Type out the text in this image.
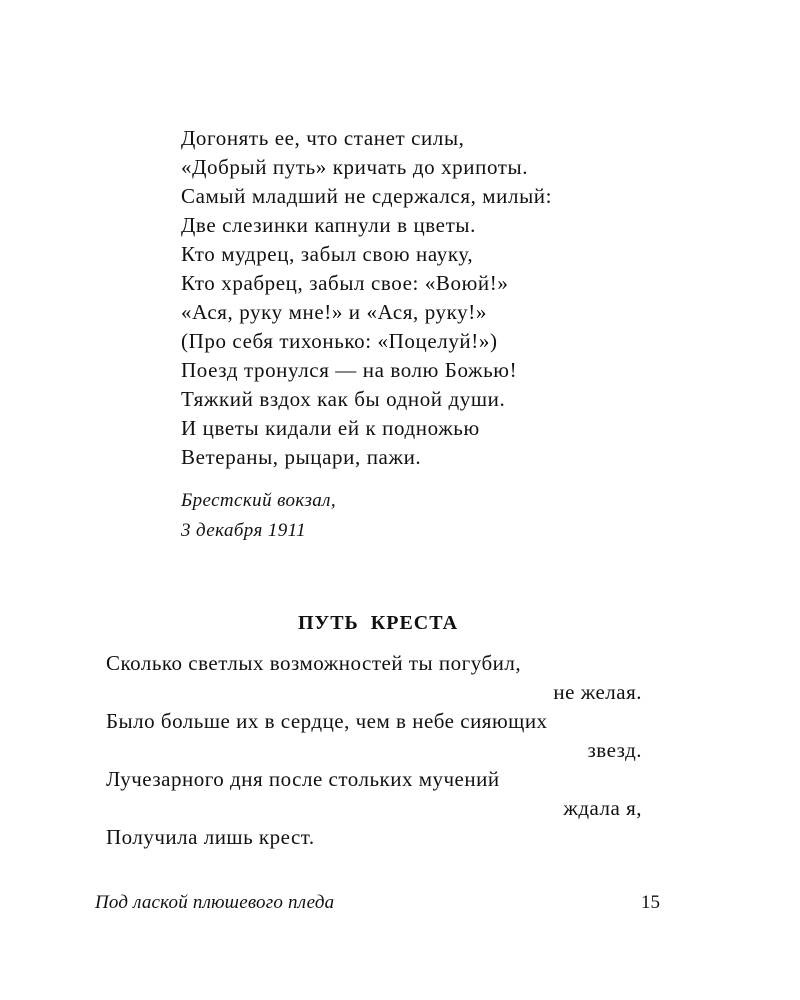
Догонять ее, что станет силы,
«Добрый путь» кричать до хрипоты.
Самый младший не сдержался, милый:
Две слезинки капнули в цветы.
Кто мудрец, забыл свою науку,
Кто храбрец, забыл свое: «Воюй!»
«Ася, руку мне!» и «Ася, руку!»
(Про себя тихонько: «Поцелуй!»)
Поезд тронулся — на волю Божью!
Тяжкий вздох как бы одной души.
И цветы кидали ей к подножью
Ветераны, рыцари, пажи.
Брестский вокзал,
3 декабря 1911
ПУТЬ КРЕСТА
Сколько светлых возможностей ты погубил,
не желая.
Было больше их в сердце, чем в небе сияющих
звезд.
Лучезарного дня после стольких мучений
ждала я,
Получила лишь крест.
Под лаской плюшевого пледа	15
